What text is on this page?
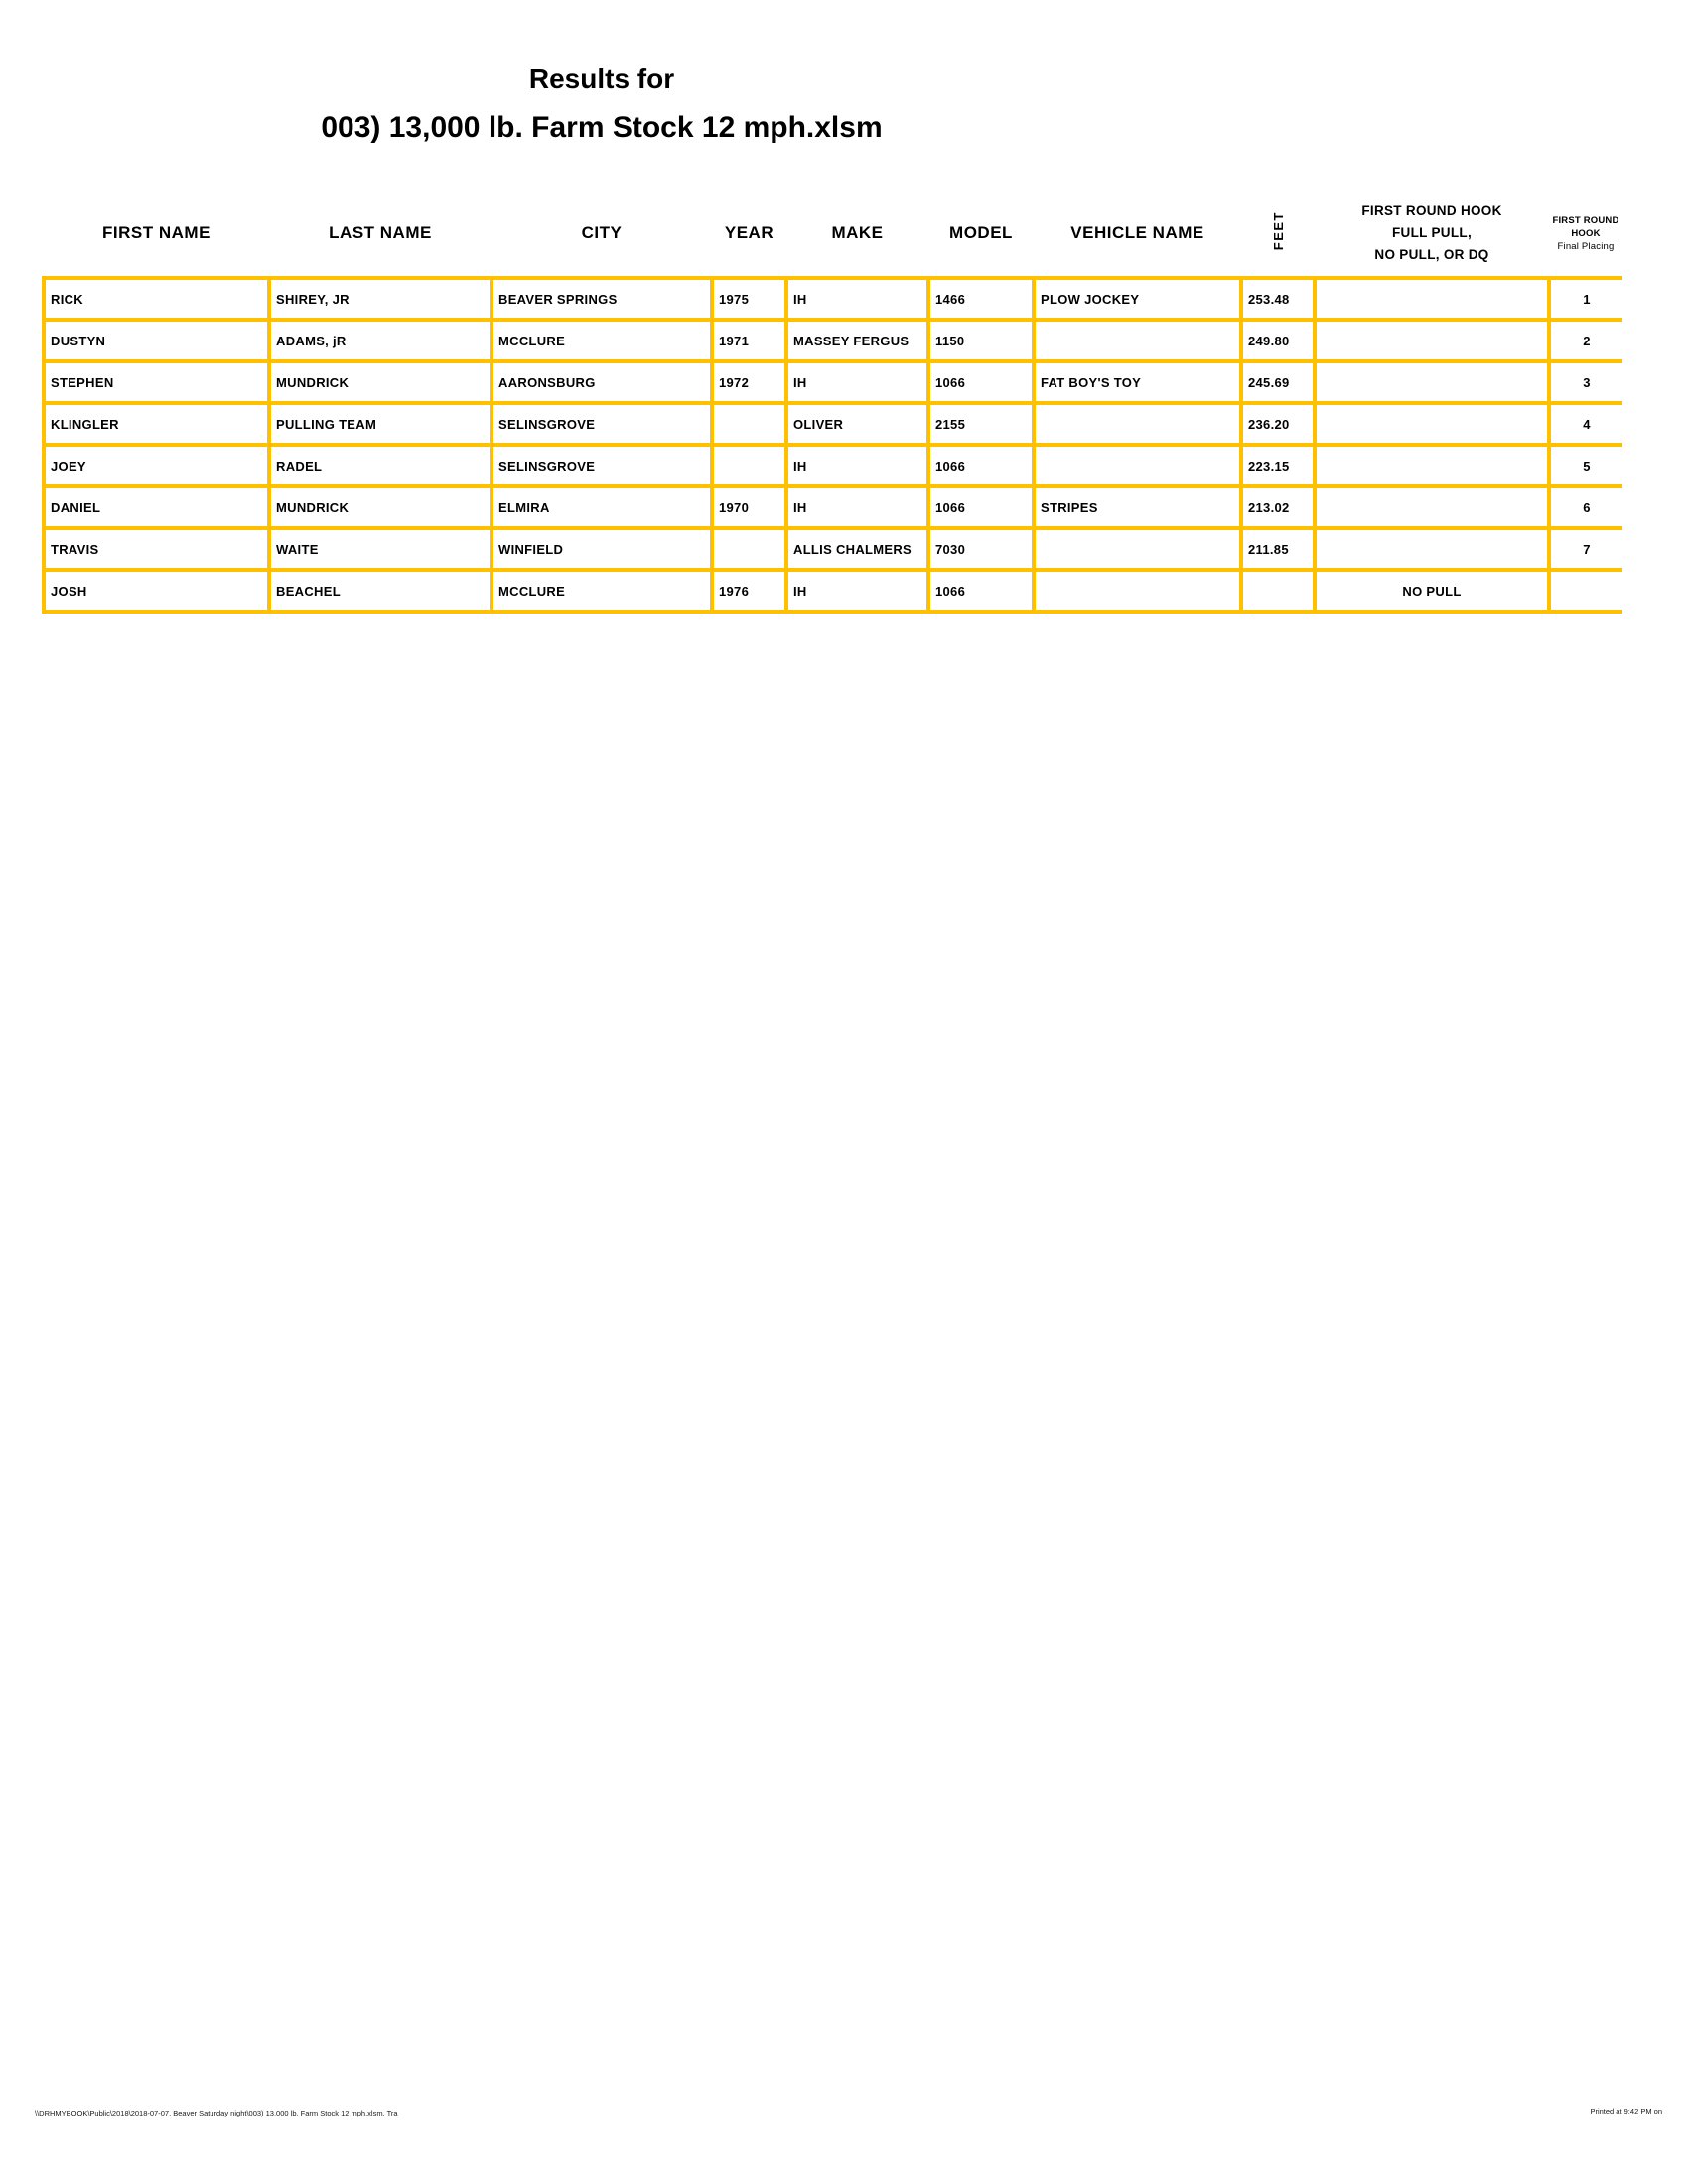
Results for
003) 13,000 lb. Farm Stock 12 mph.xlsm
FIRST NAME	LAST NAME	CITY	YEAR	MAKE	MODEL	VEHICLE NAME	FEET	
FIRST ROUND HOOK
FULL PULL,
NO PULL, OR DQ

FIRST ROUND
HOOK
Final Placing

RICK	SHIREY, JR	BEAVER SPRINGS	1975	IH	1466	PLOW JOCKEY	253.48		1
DUSTYN	ADAMS, jR	MCCLURE	1971	MASSEY FERGUS	1150		249.80		2
STEPHEN	MUNDRICK	AARONSBURG	1972	IH	1066	FAT BOY'S TOY	245.69		3
KLINGLER	PULLING TEAM	SELINSGROVE		OLIVER	2155		236.20		4
JOEY	RADEL	SELINSGROVE		IH	1066		223.15		5
DANIEL	MUNDRICK	ELMIRA	1970	IH	1066	STRIPES	213.02		6
TRAVIS	WAITE	WINFIELD		ALLIS CHALMERS	7030		211.85		7
JOSH	BEACHEL	MCCLURE	1976	IH	1066			NO PULL	
\\DRHMYBOOK\Public\2018\2018-07-07, Beaver Saturday night\003) 13,000 lb. Farm Stock 12 mph.xlsm, Tra	Printed at 9:42 PM on
